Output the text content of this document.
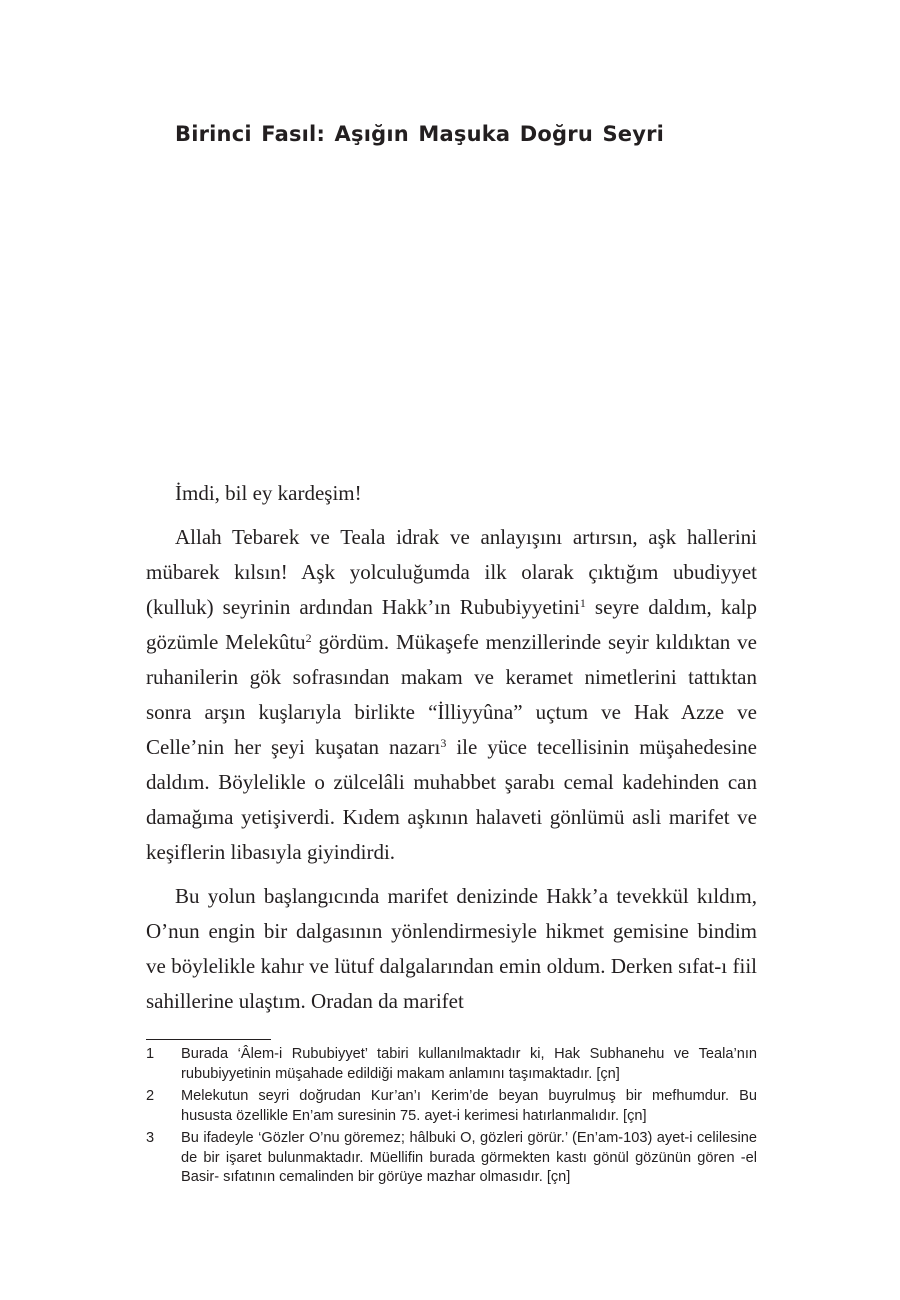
Birinci Fasıl: Aşığın Maşuka Doğru Seyri

İmdi, bil ey kardeşim!

Allah Tebarek ve Teala idrak ve anlayışını artırsın, aşk hallerini mübarek kılsın! Aşk yolculuğumda ilk olarak çıktığım ubudiyyet (kulluk) seyrinin ardından Hakk’ın Rububiyyetini$^1$ seyre daldım, kalp gözümle Melekûtu$^2$ gördüm. Mükaşefe menzillerinde seyir kıldıktan ve ruhanilerin gök sofrasından makam ve keramet nimetlerini tattıktan sonra arşın kuşlarıyla birlikte “İlliyyûna” uçtum ve Hak Azze ve Celle’nin her şeyi kuşatan nazarı$^3$ ile yüce tecellisinin müşahedesine daldım. Böylelikle o zülcelâli muhabbet şarabı cemal kadehinden can damağıma yetişiverdi. Kıdem aşkının halaveti gönlümü asli marifet ve keşiflerin libasıyla giyindirdi.

Bu yolun başlangıcında marifet denizinde Hakk’a tevekkül kıldım, O’nun engin bir dalgasının yönlendirmesiyle hikmet gemisine bindim ve böylelikle kahır ve lütuf dalgalarından emin oldum. Derken sıfat-ı fiil sahillerine ulaştım. Oradan da marifet

1	Burada ‘Âlem-i Rububiyyet’ tabiri kullanılmaktadır ki, Hak Subhanehu ve Teala’nın rububiyyetinin müşahade edildiği makam anlamını taşımaktadır. [çn]
2	Melekutun seyri doğrudan Kur’an’ı Kerim’de beyan buyrulmuş bir mefhumdur. Bu hususta özellikle En’am suresinin 75. ayet-i kerimesi hatırlanmalıdır. [çn]
3	Bu ifadeyle ‘Gözler O’nu göremez; hâlbuki O, gözleri görür.’ (En’am-103) ayet-i celilesine de bir işaret bulunmaktadır. Müellifin burada görmekten kastı gönül gözünün gören -el Basir- sıfatının cemalinden bir görüye mazhar olmasıdır. [çn]
